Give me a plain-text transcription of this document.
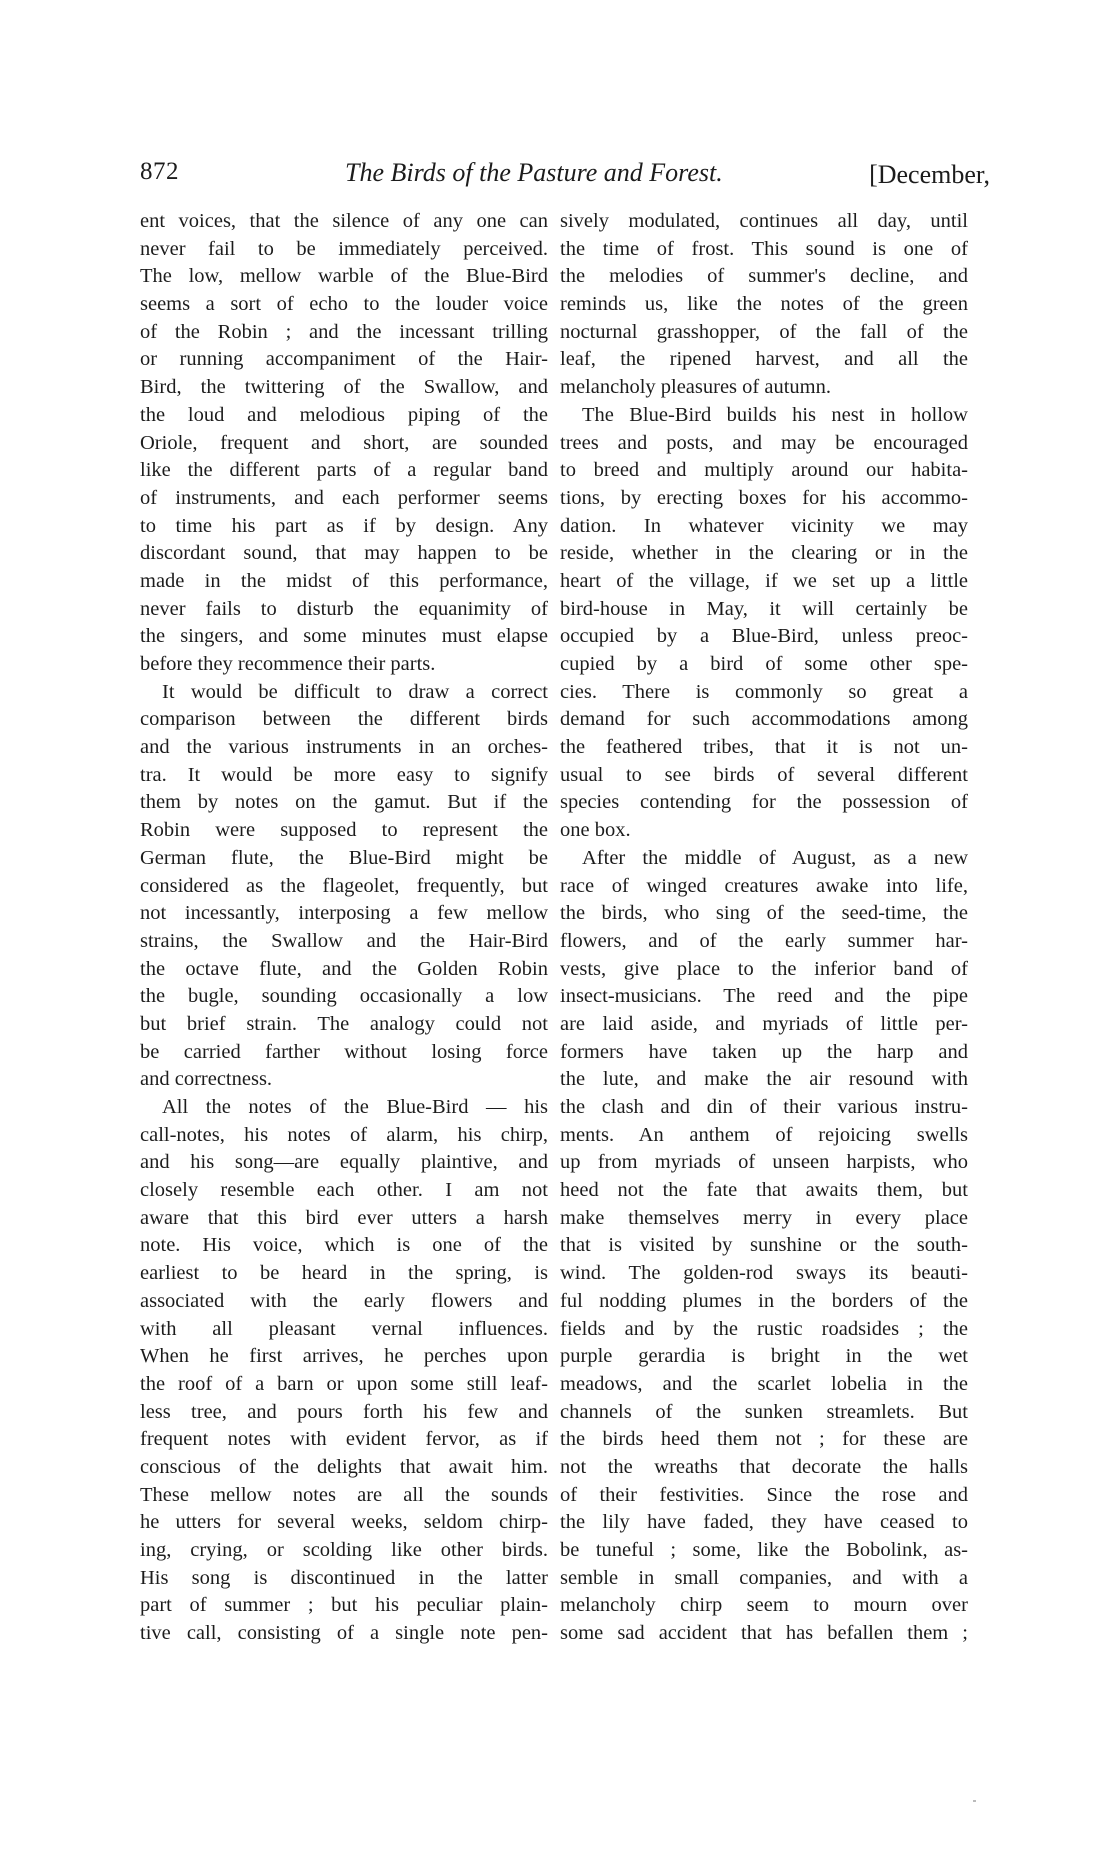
872	The Birds of the Pasture and Forest.	[December,
ent voices, that the silence of any one can
never fail to be immediately perceived.
The low, mellow warble of the Blue-Bird
seems a sort of echo to the louder voice
of the Robin ; and the incessant trilling
or running accompaniment of the Hair-
Bird, the twittering of the Swallow, and
the loud and melodious piping of the
Oriole, frequent and short, are sounded
like the different parts of a regular band
of instruments, and each performer seems
to time his part as if by design. Any
discordant sound, that may happen to be
made in the midst of this performance,
never fails to disturb the equanimity of
the singers, and some minutes must elapse
before they recommence their parts.
It would be difficult to draw a correct
comparison between the different birds
and the various instruments in an orches-
tra. It would be more easy to signify
them by notes on the gamut. But if the
Robin were supposed to represent the
German flute, the Blue-Bird might be
considered as the flageolet, frequently, but
not incessantly, interposing a few mellow
strains, the Swallow and the Hair-Bird
the octave flute, and the Golden Robin
the bugle, sounding occasionally a low
but brief strain. The analogy could not
be carried farther without losing force
and correctness.
All the notes of the Blue-Bird — his
call-notes, his notes of alarm, his chirp,
and his song—are equally plaintive, and
closely resemble each other. I am not
aware that this bird ever utters a harsh
note. His voice, which is one of the
earliest to be heard in the spring, is
associated with the early flowers and
with all pleasant vernal influences.
When he first arrives, he perches upon
the roof of a barn or upon some still leaf-
less tree, and pours forth his few and
frequent notes with evident fervor, as if
conscious of the delights that await him.
These mellow notes are all the sounds
he utters for several weeks, seldom chirp-
ing, crying, or scolding like other birds.
His song is discontinued in the latter
part of summer ; but his peculiar plain-
tive call, consisting of a single note pen-
sively modulated, continues all day, until
the time of frost. This sound is one of
the melodies of summer's decline, and
reminds us, like the notes of the green
nocturnal grasshopper, of the fall of the
leaf, the ripened harvest, and all the
melancholy pleasures of autumn.
The Blue-Bird builds his nest in hollow
trees and posts, and may be encouraged
to breed and multiply around our habita-
tions, by erecting boxes for his accommo-
dation. In whatever vicinity we may
reside, whether in the clearing or in the
heart of the village, if we set up a little
bird-house in May, it will certainly be
occupied by a Blue-Bird, unless preoc-
cupied by a bird of some other spe-
cies. There is commonly so great a
demand for such accommodations among
the feathered tribes, that it is not un-
usual to see birds of several different
species contending for the possession of
one box.
After the middle of August, as a new
race of winged creatures awake into life,
the birds, who sing of the seed-time, the
flowers, and of the early summer har-
vests, give place to the inferior band of
insect-musicians. The reed and the pipe
are laid aside, and myriads of little per-
formers have taken up the harp and
the lute, and make the air resound with
the clash and din of their various instru-
ments. An anthem of rejoicing swells
up from myriads of unseen harpists, who
heed not the fate that awaits them, but
make themselves merry in every place
that is visited by sunshine or the south-
wind. The golden-rod sways its beauti-
ful nodding plumes in the borders of the
fields and by the rustic roadsides ; the
purple gerardia is bright in the wet
meadows, and the scarlet lobelia in the
channels of the sunken streamlets. But
the birds heed them not ; for these are
not the wreaths that decorate the halls
of their festivities. Since the rose and
the lily have faded, they have ceased to
be tuneful ; some, like the Bobolink, as-
semble in small companies, and with a
melancholy chirp seem to mourn over
some sad accident that has befallen them ;
